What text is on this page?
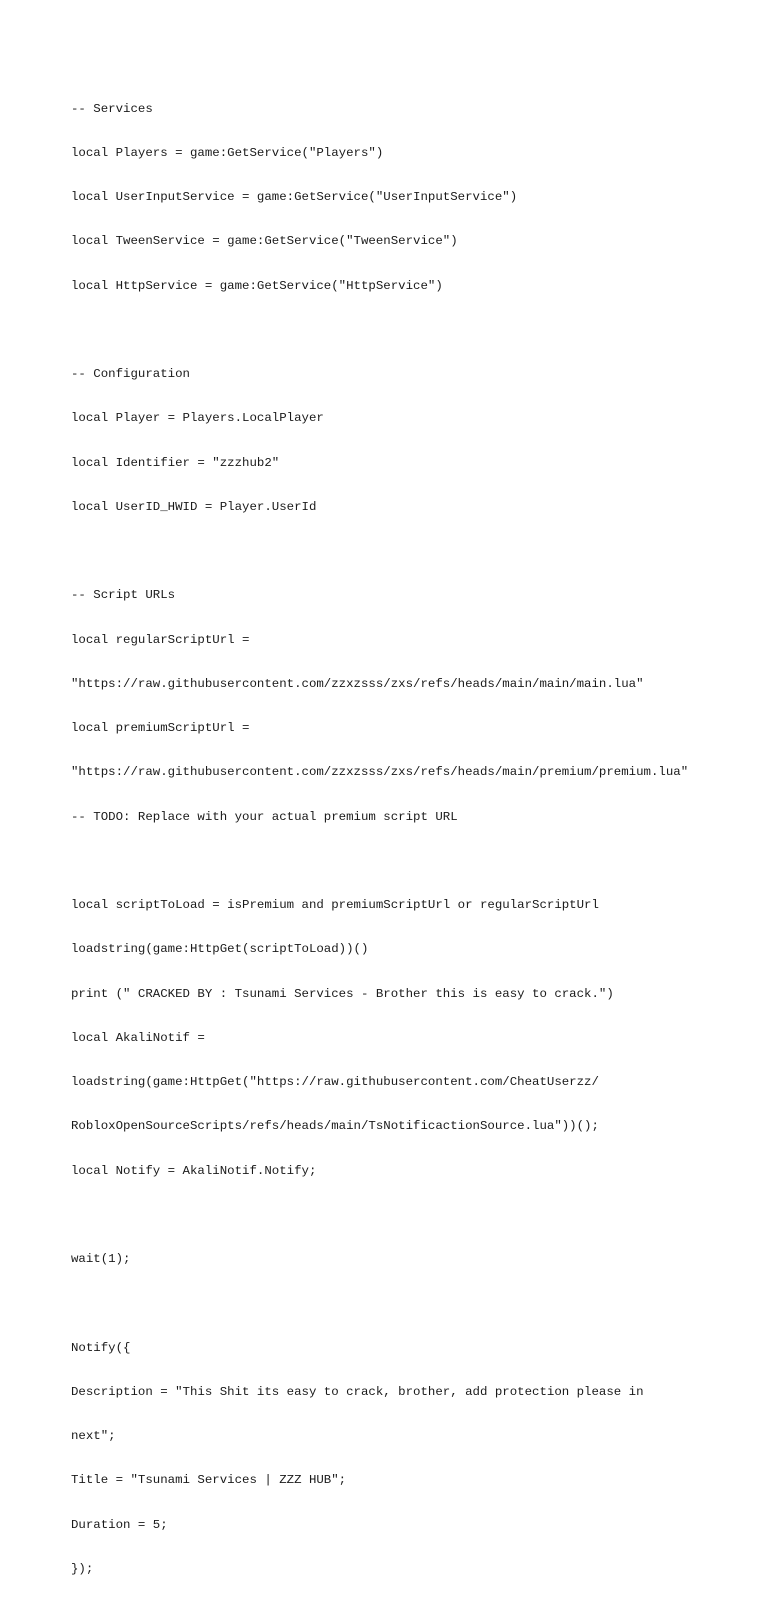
-- Services

local Players = game:GetService("Players")

local UserInputService = game:GetService("UserInputService")

local TweenService = game:GetService("TweenService")

local HttpService = game:GetService("HttpService")

-- Configuration

local Player = Players.LocalPlayer

local Identifier = "zzzhub2"

local UserID_HWID = Player.UserId

-- Script URLs

local regularScriptUrl =

"https://raw.githubusercontent.com/zzxzsss/zxs/refs/heads/main/main/main.lua"

local premiumScriptUrl =

"https://raw.githubusercontent.com/zzxzsss/zxs/refs/heads/main/premium/premium.lua"

-- TODO: Replace with your actual premium script URL

local scriptToLoad = isPremium and premiumScriptUrl or regularScriptUrl

loadstring(game:HttpGet(scriptToLoad))()

print (" CRACKED BY : Tsunami Services - Brother this is easy to crack.")

local AkaliNotif =

loadstring(game:HttpGet("https://raw.githubusercontent.com/CheatUserzz/

RobloxOpenSourceScripts/refs/heads/main/TsNotificactionSource.lua"))();

local Notify = AkaliNotif.Notify;

wait(1);

Notify({

Description = "This Shit its easy to crack, brother, add protection please in

next";

Title = "Tsunami Services | ZZZ HUB";

Duration = 5;

});
